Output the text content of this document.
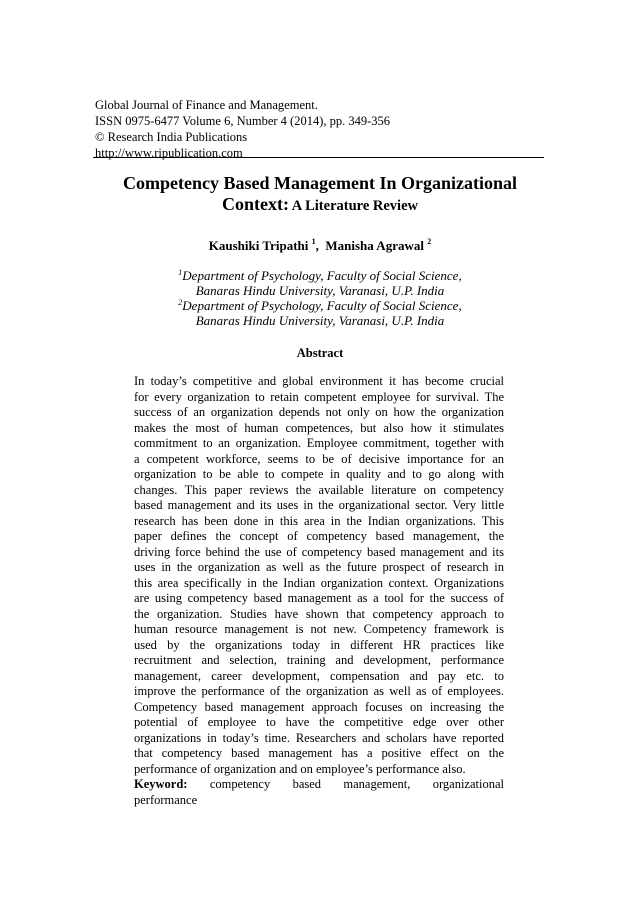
Global Journal of Finance and Management.
ISSN 0975-6477 Volume 6, Number 4 (2014), pp. 349-356
© Research India Publications
http://www.ripublication.com
Competency Based Management In Organizational
Context: A Literature Review
Kaushiki Tripathi $^1$,  Manisha Agrawal $^2$
$^1$Department of Psychology, Faculty of Social Science,
Banaras Hindu University, Varanasi, U.P. India
$^2$Department of Psychology, Faculty of Social Science,
Banaras Hindu University, Varanasi, U.P. India
Abstract
In today’s competitive and global environment it has become crucial
for every organization to retain competent employee for survival. The
success of an organization depends not only on how the organization
makes the most of human competences, but also how it stimulates
commitment to an organization. Employee commitment, together with
a competent workforce, seems to be of decisive importance for an
organization to be able to compete in quality and to go along with
changes. This paper reviews the available literature on competency
based management and its uses in the organizational sector. Very little
research has been done in this area in the Indian organizations. This
paper defines the concept of competency based management, the
driving force behind the use of competency based management and its
uses in the organization as well as the future prospect of research in
this area specifically in the Indian organization context. Organizations
are using competency based management as a tool for the success of
the organization. Studies have shown that competency approach to
human resource management is not new. Competency framework is
used by the organizations today in different HR practices like
recruitment and selection, training and development, performance
management, career development, compensation and pay etc. to
improve the performance of the organization as well as of employees.
Competency based management approach focuses on increasing the
potential of employee to have the competitive edge over other
organizations in today’s time. Researchers and scholars have reported
that competency based management has a positive effect on the
performance of organization and on employee’s performance also.
Keyword: competency based management, organizational
performance
